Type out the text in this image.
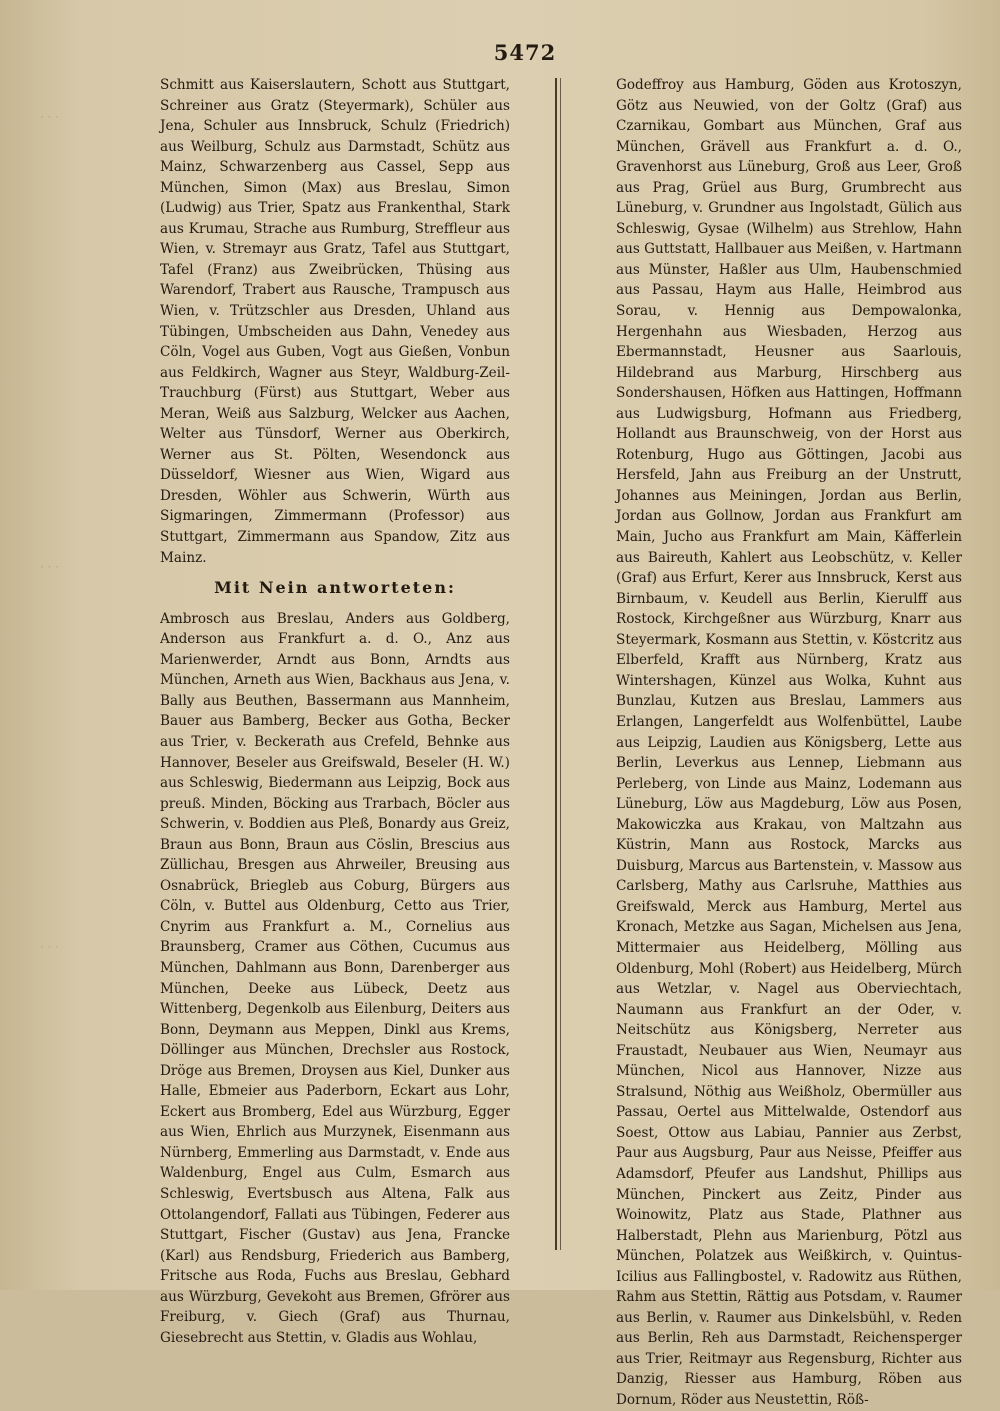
· · ·
· · ·
· · ·
5472

Schmitt aus Kaiserslautern, Schott aus Stuttgart, Schreiner aus Gratz (Steyermark), Schüler aus Jena, Schuler aus Innsbruck, Schulz (Friedrich) aus Weilburg, Schulz aus Darmstadt, Schütz aus Mainz, Schwarzenberg aus Cassel, Sepp aus München, Simon (Max) aus Breslau, Simon (Ludwig) aus Trier, Spatz aus Frankenthal, Stark aus Krumau, Strache aus Rumburg, Streffleur aus Wien, v. Stremayr aus Gratz, Tafel aus Stuttgart, Tafel (Franz) aus Zweibrücken, Thüsing aus Warendorf, Trabert aus Rausche, Trampusch aus Wien, v. Trützschler aus Dresden, Uhland aus Tübingen, Umbscheiden aus Dahn, Venedey aus Cöln, Vogel aus Guben, Vogt aus Gießen, Vonbun aus Feldkirch, Wagner aus Steyr, Waldburg-Zeil-Trauchburg (Fürst) aus Stuttgart, Weber aus Meran, Weiß aus Salzburg, Welcker aus Aachen, Welter aus Tünsdorf, Werner aus Oberkirch, Werner aus St. Pölten, Wesendonck aus Düsseldorf, Wiesner aus Wien, Wigard aus Dresden, Wöhler aus Schwerin, Würth aus Sigmaringen, Zimmermann (Professor) aus Stuttgart, Zimmermann aus Spandow, Zitz aus Mainz.

Mit Nein antworteten:

Ambrosch aus Breslau, Anders aus Goldberg, Anderson aus Frankfurt a. d. O., Anz aus Marienwerder, Arndt aus Bonn, Arndts aus München, Arneth aus Wien, Backhaus aus Jena, v. Bally aus Beuthen, Bassermann aus Mannheim, Bauer aus Bamberg, Becker aus Gotha, Becker aus Trier, v. Beckerath aus Crefeld, Behnke aus Hannover, Beseler aus Greifswald, Beseler (H. W.) aus Schleswig, Biedermann aus Leipzig, Bock aus preuß. Minden, Böcking aus Trarbach, Böcler aus Schwerin, v. Boddien aus Pleß, Bonardy aus Greiz, Braun aus Bonn, Braun aus Cöslin, Brescius aus Züllichau, Bresgen aus Ahrweiler, Breusing aus Osnabrück, Briegleb aus Coburg, Bürgers aus Cöln, v. Buttel aus Oldenburg, Cetto aus Trier, Cnyrim aus Frankfurt a. M., Cornelius aus Braunsberg, Cramer aus Cöthen, Cucumus aus München, Dahlmann aus Bonn, Darenberger aus München, Deeke aus Lübeck, Deetz aus Wittenberg, Degenkolb aus Eilenburg, Deiters aus Bonn, Deymann aus Meppen, Dinkl aus Krems, Döllinger aus München, Drechsler aus Rostock, Dröge aus Bremen, Droysen aus Kiel, Dunker aus Halle, Ebmeier aus Paderborn, Eckart aus Lohr, Eckert aus Bromberg, Edel aus Würzburg, Egger aus Wien, Ehrlich aus Murzynek, Eisenmann aus Nürnberg, Emmerling aus Darmstadt, v. Ende aus Waldenburg, Engel aus Culm, Esmarch aus Schleswig, Evertsbusch aus Altena, Falk aus Ottolangendorf, Fallati aus Tübingen, Federer aus Stuttgart, Fischer (Gustav) aus Jena, Francke (Karl) aus Rendsburg, Friederich aus Bamberg, Fritsche aus Roda, Fuchs aus Breslau, Gebhard aus Würzburg, Gevekoht aus Bremen, Gfrörer aus Freiburg, v. Giech (Graf) aus Thurnau, Giesebrecht aus Stettin, v. Gladis aus Wohlau,

Godeffroy aus Hamburg, Göden aus Krotoszyn, Götz aus Neuwied, von der Goltz (Graf) aus Czarnikau, Gombart aus München, Graf aus München, Grävell aus Frankfurt a. d. O., Gravenhorst aus Lüneburg, Groß aus Leer, Groß aus Prag, Grüel aus Burg, Grumbrecht aus Lüneburg, v. Grundner aus Ingolstadt, Gülich aus Schleswig, Gysae (Wilhelm) aus Strehlow, Hahn aus Guttstatt, Hallbauer aus Meißen, v. Hartmann aus Münster, Haßler aus Ulm, Haubenschmied aus Passau, Haym aus Halle, Heimbrod aus Sorau, v. Hennig aus Dempowalonka, Hergenhahn aus Wiesbaden, Herzog aus Ebermannstadt, Heusner aus Saarlouis, Hildebrand aus Marburg, Hirschberg aus Sondershausen, Höfken aus Hattingen, Hoffmann aus Ludwigsburg, Hofmann aus Friedberg, Hollandt aus Braunschweig, von der Horst aus Rotenburg, Hugo aus Göttingen, Jacobi aus Hersfeld, Jahn aus Freiburg an der Unstrutt, Johannes aus Meiningen, Jordan aus Berlin, Jordan aus Gollnow, Jordan aus Frankfurt am Main, Jucho aus Frankfurt am Main, Käfferlein aus Baireuth, Kahlert aus Leobschütz, v. Keller (Graf) aus Erfurt, Kerer aus Innsbruck, Kerst aus Birnbaum, v. Keudell aus Berlin, Kierulff aus Rostock, Kirchgeßner aus Würzburg, Knarr aus Steyermark, Kosmann aus Stettin, v. Köstcritz aus Elberfeld, Krafft aus Nürnberg, Kratz aus Wintershagen, Künzel aus Wolka, Kuhnt aus Bunzlau, Kutzen aus Breslau, Lammers aus Erlangen, Langerfeldt aus Wolfenbüttel, Laube aus Leipzig, Laudien aus Königsberg, Lette aus Berlin, Leverkus aus Lennep, Liebmann aus Perleberg, von Linde aus Mainz, Lodemann aus Lüneburg, Löw aus Magdeburg, Löw aus Posen, Makowiczka aus Krakau, von Maltzahn aus Küstrin, Mann aus Rostock, Marcks aus Duisburg, Marcus aus Bartenstein, v. Massow aus Carlsberg, Mathy aus Carlsruhe, Matthies aus Greifswald, Merck aus Hamburg, Mertel aus Kronach, Metzke aus Sagan, Michelsen aus Jena, Mittermaier aus Heidelberg, Mölling aus Oldenburg, Mohl (Robert) aus Heidelberg, Mürch aus Wetzlar, v. Nagel aus Oberviechtach, Naumann aus Frankfurt an der Oder, v. Neitschütz aus Königsberg, Nerreter aus Fraustadt, Neubauer aus Wien, Neumayr aus München, Nicol aus Hannover, Nizze aus Stralsund, Nöthig aus Weißholz, Obermüller aus Passau, Oertel aus Mittelwalde, Ostendorf aus Soest, Ottow aus Labiau, Pannier aus Zerbst, Paur aus Augsburg, Paur aus Neisse, Pfeiffer aus Adamsdorf, Pfeufer aus Landshut, Phillips aus München, Pinckert aus Zeitz, Pinder aus Woinowitz, Platz aus Stade, Plathner aus Halberstadt, Plehn aus Marienburg, Pötzl aus München, Polatzek aus Weißkirch, v. Quintus-Icilius aus Fallingbostel, v. Radowitz aus Rüthen, Rahm aus Stettin, Rättig aus Potsdam, v. Raumer aus Berlin, v. Raumer aus Dinkelsbühl, v. Reden aus Berlin, Reh aus Darmstadt, Reichensperger aus Trier, Reitmayr aus Regensburg, Richter aus Danzig, Riesser aus Hamburg, Röben aus Dornum, Röder aus Neustettin, Röß-
